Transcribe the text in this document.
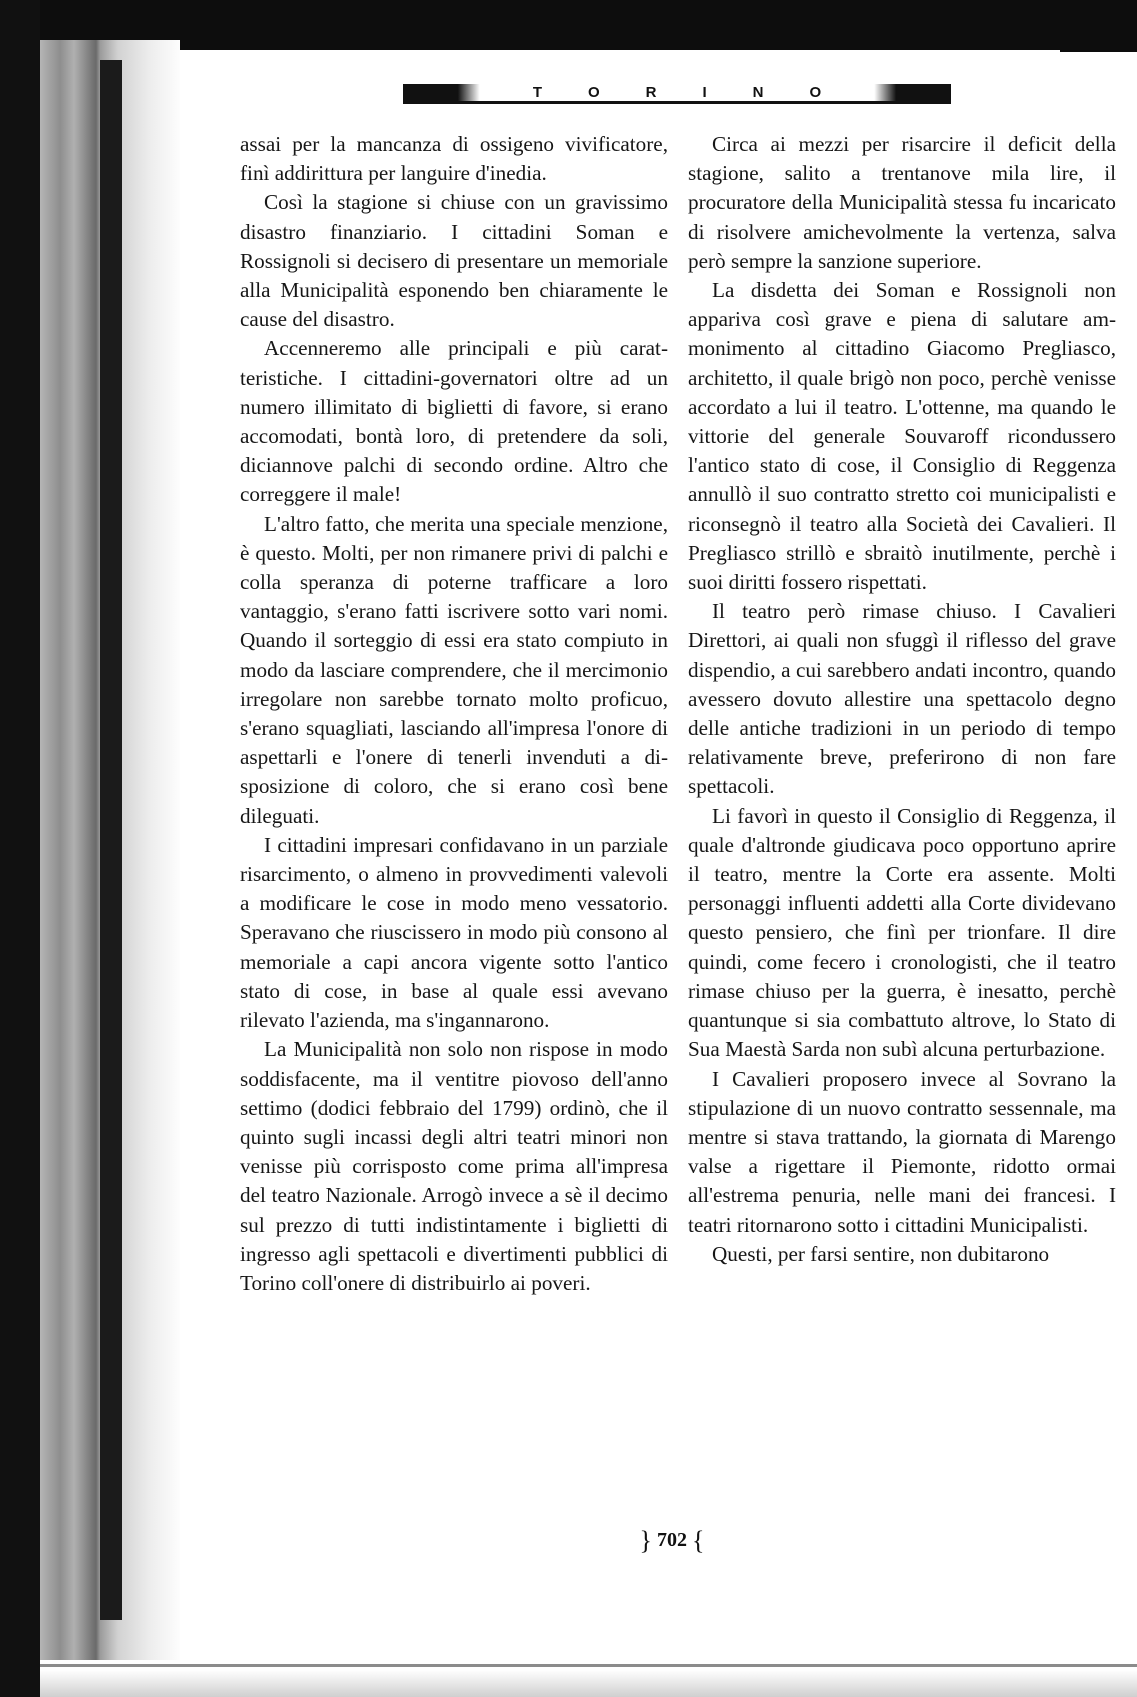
T	O	R	I	N	O

assai per la mancanza di ossigeno vivificatore, finì addirittura per languire d'inedia.

Così la stagione si chiuse con un gravissimo disastro finanziario. I cittadini Soman e Rossignoli si decisero di presentare un memoriale alla Municipalità esponendo ben chiaramente le cause del disastro.

Accenneremo alle principali e più caratteristiche. I cittadini-governatori oltre ad un numero illimitato di biglietti di favore, si erano accomodati, bontà loro, di pretendere da soli, diciannove palchi di secondo ordine. Altro che correggere il male!

L'altro fatto, che merita una speciale menzione, è questo. Molti, per non rimanere privi di palchi e colla speranza di poterne trafficare a loro vantaggio, s'erano fatti iscrivere sotto vari nomi. Quando il sorteggio di essi era stato compiuto in modo da lasciare comprendere, che il mercimonio irregolare non sarebbe tornato molto proficuo, s'erano squagliati, lasciando all'impresa l'onore di aspettarli e l'onere di tenerli invenduti a disposizione di coloro, che si erano così bene dileguati.

I cittadini impresari confidavano in un parziale risarcimento, o almeno in provvedimenti valevoli a modificare le cose in modo meno vessatorio. Speravano che riuscissero in modo più consono al memoriale a capi ancora vigente sotto l'antico stato di cose, in base al quale essi avevano rilevato l'azienda, ma s'ingannarono.

La Municipalità non solo non rispose in modo soddisfacente, ma il ventitre piovoso dell'anno settimo (dodici febbraio del 1799) ordinò, che il quinto sugli incassi degli altri teatri minori non venisse più corrisposto come prima all'impresa del teatro Nazionale. Arrogò invece a sè il decimo sul prezzo di tutti indistintamente i biglietti di ingresso agli spettacoli e divertimenti pubblici di Torino coll'onere di distribuirlo ai poveri.

Circa ai mezzi per risarcire il deficit della stagione, salito a trentanove mila lire, il procuratore della Municipalità stessa fu incaricato di risolvere amichevolmente la vertenza, salva però sempre la sanzione superiore.

La disdetta dei Soman e Rossignoli non appariva così grave e piena di salutare ammonimento al cittadino Giacomo Pregliasco, architetto, il quale brigò non poco, perchè venisse accordato a lui il teatro. L'ottenne, ma quando le vittorie del generale Souvaroff ricondussero l'antico stato di cose, il Consiglio di Reggenza annullò il suo contratto stretto coi municipalisti e riconsegnò il teatro alla Società dei Cavalieri. Il Pregliasco strillò e sbraitò inutilmente, perchè i suoi diritti fossero rispettati.

Il teatro però rimase chiuso. I Cavalieri Direttori, ai quali non sfuggì il riflesso del grave dispendio, a cui sarebbero andati incontro, quando avessero dovuto allestire una spettacolo degno delle antiche tradizioni in un periodo di tempo relativamente breve, preferirono di non fare spettacoli.

Li favorì in questo il Consiglio di Reggenza, il quale d'altronde giudicava poco opportuno aprire il teatro, mentre la Corte era assente. Molti personaggi influenti addetti alla Corte dividevano questo pensiero, che finì per trionfare. Il dire quindi, come fecero i cronologisti, che il teatro rimase chiuso per la guerra, è inesatto, perchè quantunque si sia combattuto altrove, lo Stato di Sua Maestà Sarda non subì alcuna perturbazione.

I Cavalieri proposero invece al Sovrano la stipulazione di un nuovo contratto sessennale, ma mentre si stava trattando, la giornata di Marengo valse a rigettare il Piemonte, ridotto ormai all'estrema penuria, nelle mani dei francesi. I teatri ritornarono sotto i cittadini Municipalisti.

Questi, per farsi sentire, non dubitarono

} 702 {
